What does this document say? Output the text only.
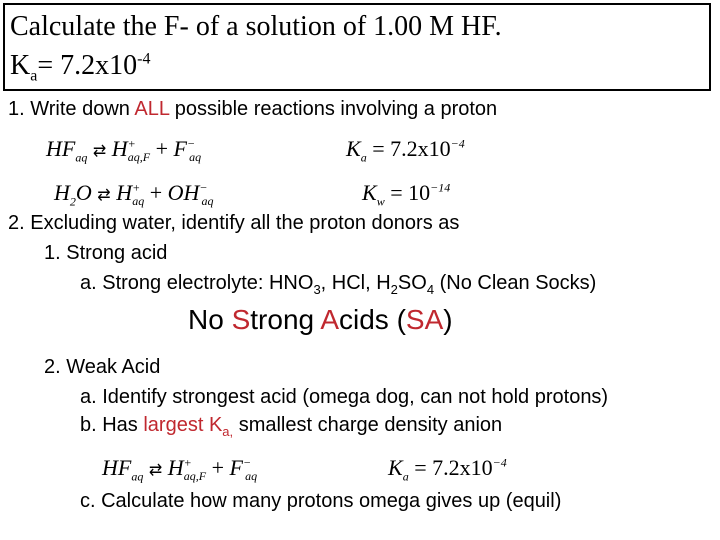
Calculate the F- of a solution of 1.00 M HF.
$K_a= 7.2x10^{-4}$
1. Write down ALL possible reactions involving a proton
$HF_{aq}$ ⇄ $H^+_{aq,F} + F^-_{aq}$	$K_a = 7.2x10^{-4}$
$H_2O$ ⇄ $H^+_{aq} + OH^-_{aq}$	$K_w = 10^{-14}$
2. Excluding water, identify all the proton donors as
1. Strong acid
a. Strong electrolyte: $HNO_3$, HCl, $H_2SO_4$ (No Clean Socks)
No Strong Acids (SA)
2. Weak Acid
a. Identify strongest acid (omega dog, can not hold protons)
b. Has largest $K_{a,}$ smallest charge density anion
$HF_{aq}$ ⇄ $H^+_{aq,F} + F^-_{aq}$	$K_a = 7.2x10^{-4}$
c. Calculate how many protons omega gives up (equil)
